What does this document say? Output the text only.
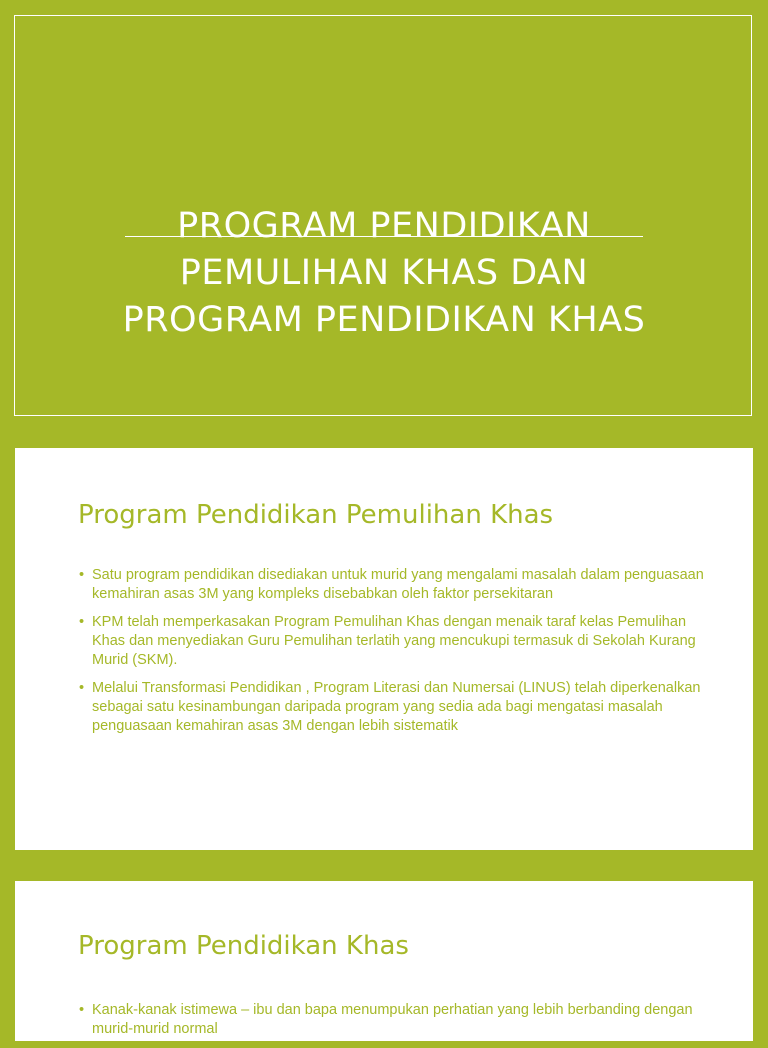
PROGRAM PENDIDIKAN
PEMULIHAN KHAS DAN
PROGRAM PENDIDIKAN KHAS
Program Pendidikan Pemulihan Khas
• Satu program pendidikan disediakan untuk murid yang mengalami masalah dalam penguasaan kemahiran asas 3M yang kompleks disebabkan oleh faktor persekitaran
• KPM telah memperkasakan Program Pemulihan Khas dengan menaik taraf kelas Pemulihan Khas dan menyediakan Guru Pemulihan terlatih yang mencukupi termasuk di Sekolah Kurang Murid (SKM).
• Melalui Transformasi Pendidikan , Program Literasi dan Numersai (LINUS) telah diperkenalkan sebagai satu kesinambungan daripada program yang sedia ada bagi mengatasi masalah penguasaan kemahiran asas 3M dengan lebih sistematik
Program Pendidikan Khas
• Kanak-kanak istimewa – ibu dan bapa menumpukan perhatian yang lebih berbanding dengan murid-murid normal
